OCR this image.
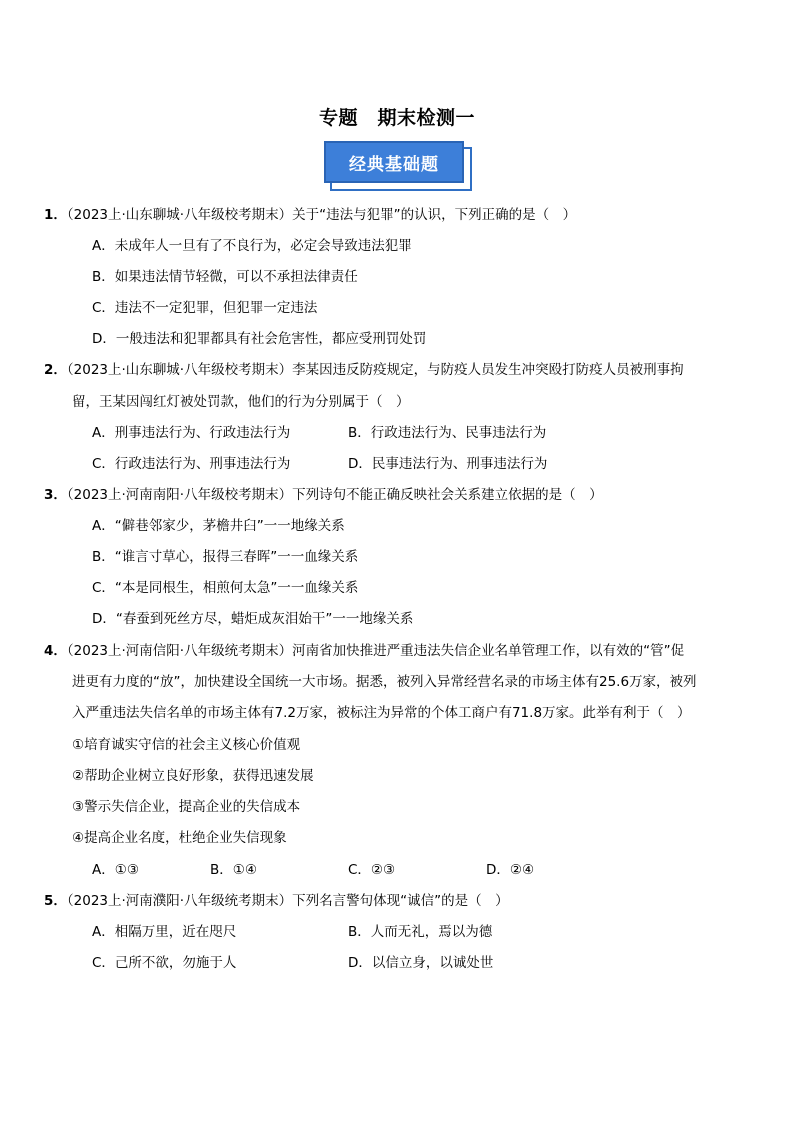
专题　期末检测一
经典基础题
1．（2023上·山东聊城·八年级校考期末）关于“违法与犯罪”的认识，下列正确的是（　）
A．未成年人一旦有了不良行为，必定会导致违法犯罪
B．如果违法情节轻微，可以不承担法律责任
C．违法不一定犯罪，但犯罪一定违法
D．一般违法和犯罪都具有社会危害性，都应受刑罚处罚
2．（2023上·山东聊城·八年级校考期末）李某因违反防疫规定，与防疫人员发生冲突殴打防疫人员被刑事拘
留，王某因闯红灯被处罚款，他们的行为分别属于（　）
A．刑事违法行为、行政违法行为	B．行政违法行为、民事违法行为
C．行政违法行为、刑事违法行为	D．民事违法行为、刑事违法行为
3．（2023上·河南南阳·八年级校考期末）下列诗句不能正确反映社会关系建立依据的是（　）
A．“僻巷邻家少，茅檐井臼”一一地缘关系
B．“谁言寸草心，报得三春晖”一一血缘关系
C．“本是同根生，相煎何太急”一一血缘关系
D．“春蚕到死丝方尽，蜡炬成灰泪始干”一一地缘关系
4．（2023上·河南信阳·八年级统考期末）河南省加快推进严重违法失信企业名单管理工作，以有效的“管”促
进更有力度的“放”，加快建设全国统一大市场。据悉，被列入异常经营名录的市场主体有25.6万家，被列
入严重违法失信名单的市场主体有7.2万家，被标注为异常的个体工商户有71.8万家。此举有利于（　）
①培育诚实守信的社会主义核心价值观
②帮助企业树立良好形象，获得迅速发展
③警示失信企业，提高企业的失信成本
④提高企业名度，杜绝企业失信现象
A．①③	B．①④	C．②③	D．②④
5．（2023上·河南濮阳·八年级统考期末）下列名言警句体现“诚信”的是（　）
A．相隔万里，近在咫尺	B．人而无礼，焉以为德
C．己所不欲，勿施于人	D．以信立身，以诚处世
